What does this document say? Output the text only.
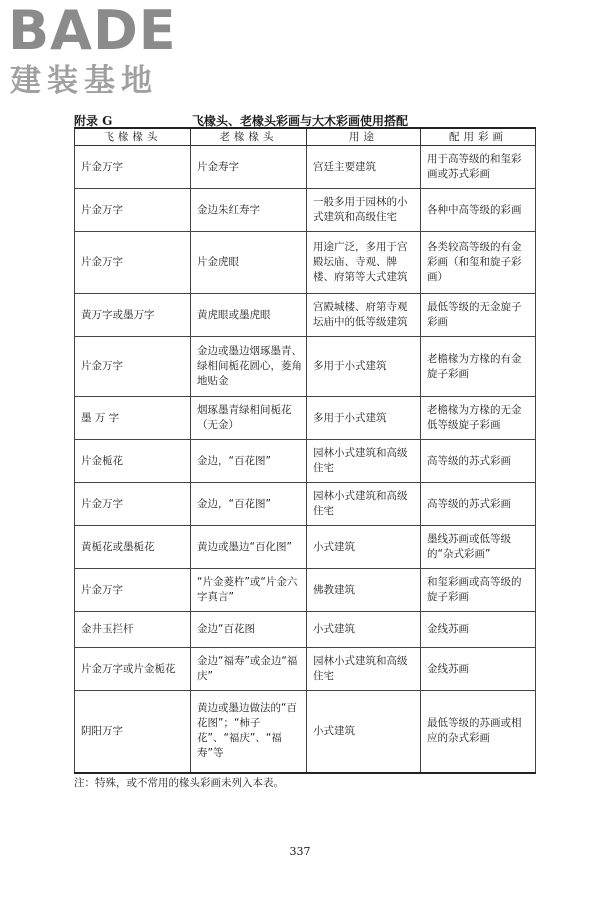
BADE
建装基地
附录 G	飞椽头、老椽头彩画与大木彩画使用搭配
飞椽椽头	老椽椽头	用途	配用彩画
片金万字	片金寿字	宫廷主要建筑	用于高等级的和玺彩画或苏式彩画
片金万字	金边朱红寿字	一般多用于园林的小式建筑和高级住宅	各种中高等级的彩画
片金万字	片金虎眼	用途广泛，多用于宫殿坛庙、寺观、牌楼、府第等大式建筑	各类较高等级的有金彩画（和玺和旋子彩画）
黄万字或墨万字	黄虎眼或墨虎眼	宫殿城楼、府第寺观坛庙中的低等级建筑	最低等级的无金旋子彩画
片金万字	金边或墨边烟琢墨青、绿相间栀花圆心，菱角地贴金	多用于小式建筑	老檐椽为方椽的有金旋子彩画
墨 万 字	烟琢墨青绿相间栀花（无金）	多用于小式建筑	老檐椽为方椽的无金低等级旋子彩画
片金栀花	金边，“百花图”	园林小式建筑和高级住宅	高等级的苏式彩画
片金万字	金边，“百花图”	园林小式建筑和高级住宅	高等级的苏式彩画
黄栀花或墨栀花	黄边或墨边“百化图”	小式建筑	墨线苏画或低等级的“杂式彩画”
片金万字	“片金菱杵”或“片金六字真言”	佛教建筑	和玺彩画或高等级的旋子彩画
金井玉拦杆	金边“百花图	小式建筑	金线苏画
片金万字或片金栀花	金边“福寿”或金边“福庆”	园林小式建筑和高级住宅	金线苏画
阴阳万字	黄边或墨边做法的“百花图”；“柿子花”、“福庆”、“福寿”等	小式建筑	最低等级的苏画或相应的杂式彩画
注：特殊，或不常用的椽头彩画未列入本表。
337
